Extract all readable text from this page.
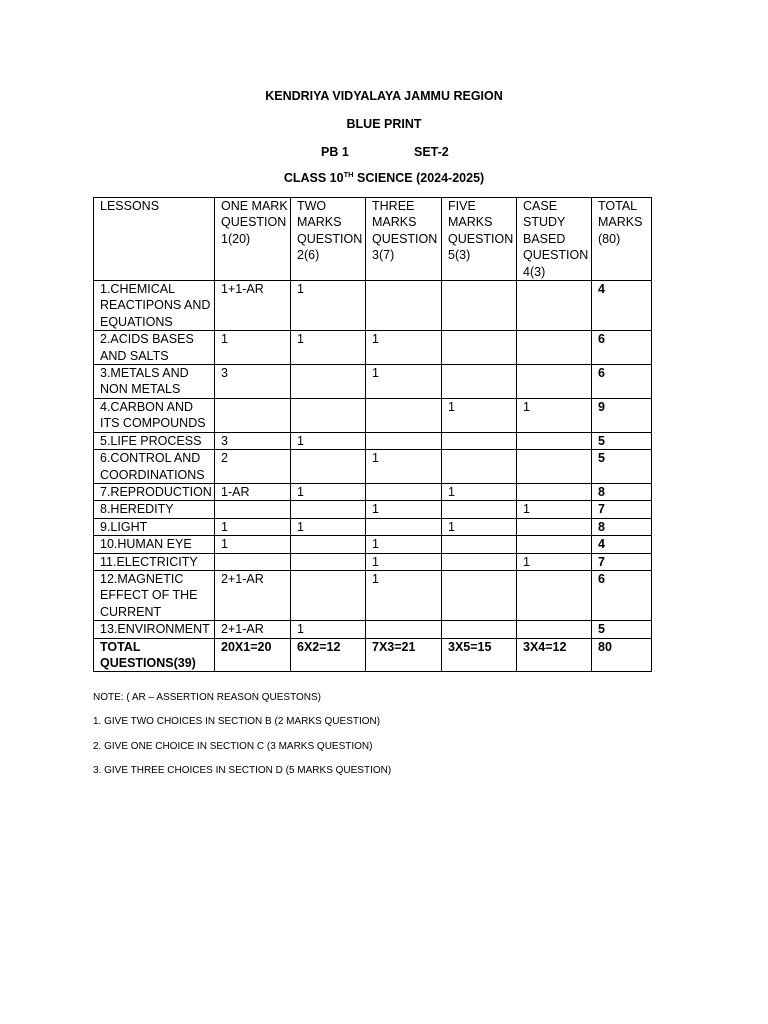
KENDRIYA VIDYALAYA JAMMU REGION
BLUE PRINT
PB 1	SET-2
CLASS 10TH SCIENCE (2024-2025)
LESSONS	ONE MARK QUESTION 1(20)	TWO MARKS QUESTION 2(6)	THREE MARKS QUESTION 3(7)	FIVE MARKS QUESTION 5(3)	CASE STUDY BASED QUESTION 4(3)	TOTAL MARKS (80)
1.CHEMICAL REACTIPONS AND EQUATIONS	1+1-AR	1				4
2.ACIDS BASES AND SALTS	1	1	1			6
3.METALS AND NON METALS	3		1			6
4.CARBON AND ITS COMPOUNDS				1	1	9
5.LIFE PROCESS	3	1				5
6.CONTROL AND COORDINATIONS	2		1			5
7.REPRODUCTION	1-AR	1		1		8
8.HEREDITY			1		1	7
9.LIGHT	1	1		1		8
10.HUMAN EYE	1		1			4
11.ELECTRICITY			1		1	7
12.MAGNETIC EFFECT OF THE CURRENT	2+1-AR		1			6
13.ENVIRONMENT	2+1-AR	1				5
TOTAL QUESTIONS(39)	20X1=20	6X2=12	7X3=21	3X5=15	3X4=12	80
NOTE: ( AR – ASSERTION REASON QUESTONS)
1. GIVE TWO CHOICES IN SECTION B (2 MARKS QUESTION)
2. GIVE ONE CHOICE IN SECTION C (3 MARKS QUESTION)
3. GIVE THREE CHOICES IN SECTION D (5 MARKS QUESTION)
